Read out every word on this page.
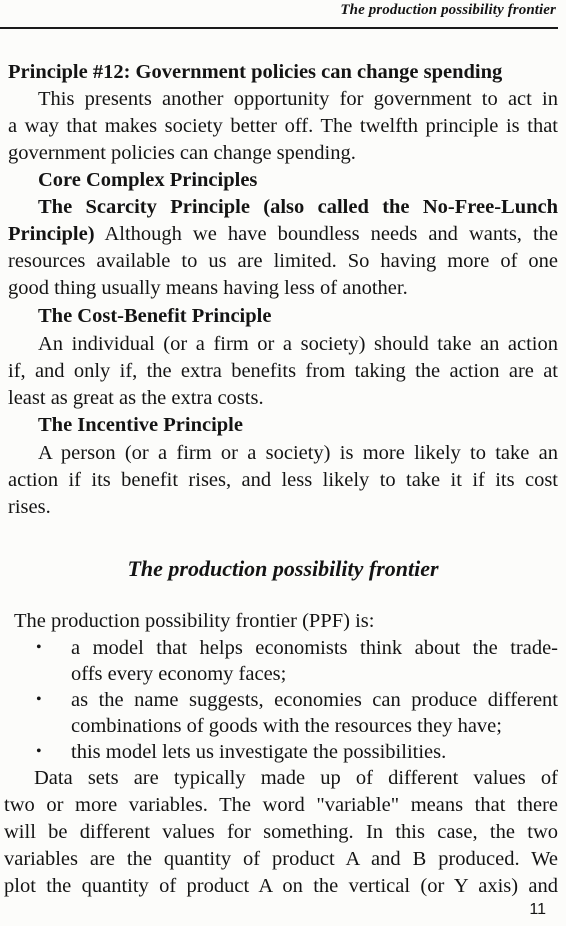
The production possibility frontier
Principle #12: Government policies can change spending
This presents another opportunity for government to act in
a way that makes society better off. The twelfth principle is that
government policies can change spending.
Core Complex Principles
The Scarcity Principle (also called the No-Free-Lunch
Principle) Although we have boundless needs and wants, the
resources available to us are limited. So having more of one
good thing usually means having less of another.
The Cost-Benefit Principle
An individual (or a firm or a society) should take an action
if, and only if, the extra benefits from taking the action are at
least as great as the extra costs.
The Incentive Principle
A person (or a firm or a society) is more likely to take an
action if its benefit rises, and less likely to take it if its cost
rises.
The production possibility frontier
The production possibility frontier (PPF) is:
• a model that helps economists think about the trade-
offs every economy faces;
• as the name suggests, economies can produce different
combinations of goods with the resources they have;
• this model lets us investigate the possibilities.
Data sets are typically made up of different values of
two or more variables. The word "variable" means that there
will be different values for something. In this case, the two
variables are the quantity of product A and B produced. We
plot the quantity of product A on the vertical (or Y axis) and
11
